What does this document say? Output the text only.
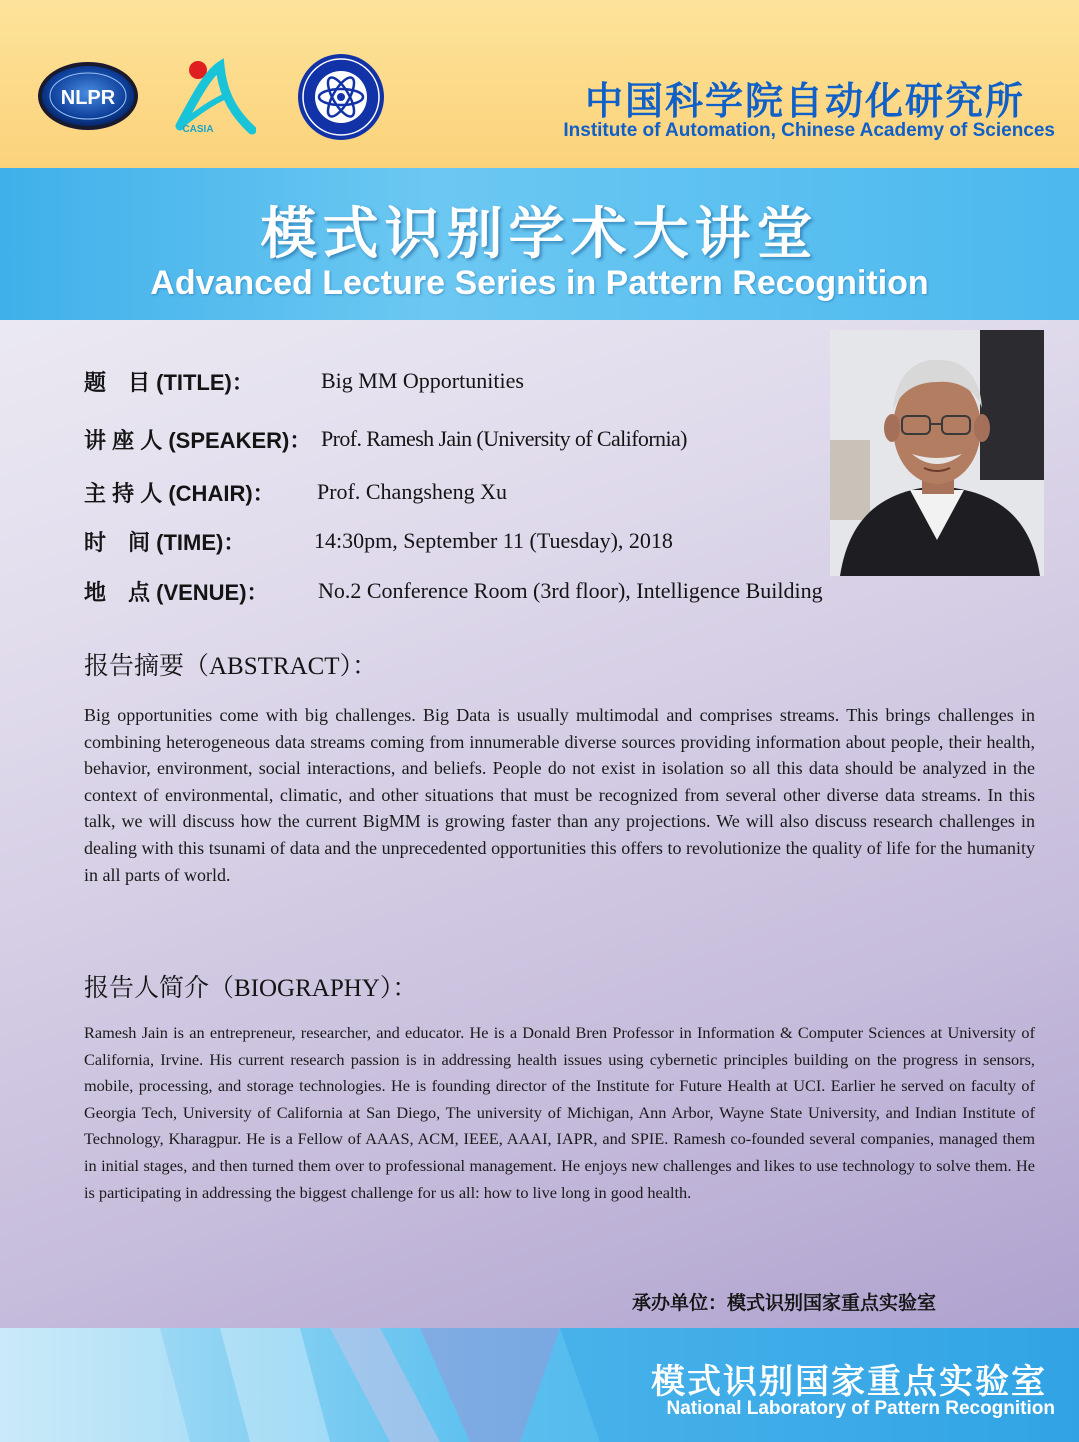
NLPR
CASIA

中国科学院自动化研究所

Institute of Automation, Chinese Academy of Sciences

模式识别学术大讲堂
Advanced Lecture Series in Pattern Recognition
题　目 (TITLE)：	Big MM Opportunities
讲 座 人 (SPEAKER)： Prof. Ramesh Jain (University of California)
主 持 人 (CHAIR)： Prof. Changsheng Xu
时　间 (TIME)：	14:30pm, September 11 (Tuesday), 2018
地　点 (VENUE)： No.2 Conference Room (3rd floor), Intelligence Building
报告摘要（ABSTRACT）：

Big opportunities come with big challenges. Big Data is usually multimodal and comprises streams. This brings challenges in combining heterogeneous data streams coming from innumerable diverse sources providing information about people, their health, behavior, environment, social interactions, and beliefs. People do not exist in isolation so all this data should be analyzed in the context of environmental, climatic, and other situations that must be recognized from several other diverse data streams. In this talk, we will discuss how the current BigMM is growing faster than any projections. We will also discuss research challenges in dealing with this tsunami of data and the unprecedented opportunities this offers to revolutionize the quality of life for the humanity in all parts of world.

报告人简介（BIOGRAPHY）：

Ramesh Jain is an entrepreneur, researcher, and educator. He is a Donald Bren Professor in Information & Computer Sciences at University of California, Irvine. His current research passion is in addressing health issues using cybernetic principles building on the progress in sensors, mobile, processing, and storage technologies. He is founding director of the Institute for Future Health at UCI. Earlier he served on faculty of Georgia Tech, University of California at San Diego, The university of Michigan, Ann Arbor, Wayne State University, and Indian Institute of Technology, Kharagpur. He is a Fellow of AAAS, ACM, IEEE, AAAI, IAPR, and SPIE. Ramesh co-founded several companies, managed them in initial stages, and then turned them over to professional management. He enjoys new challenges and likes to use technology to solve them. He is participating in addressing the biggest challenge for us all: how to live long in good health.

承办单位：模式识别国家重点实验室

模式识别国家重点实验室

National Laboratory of Pattern Recognition
